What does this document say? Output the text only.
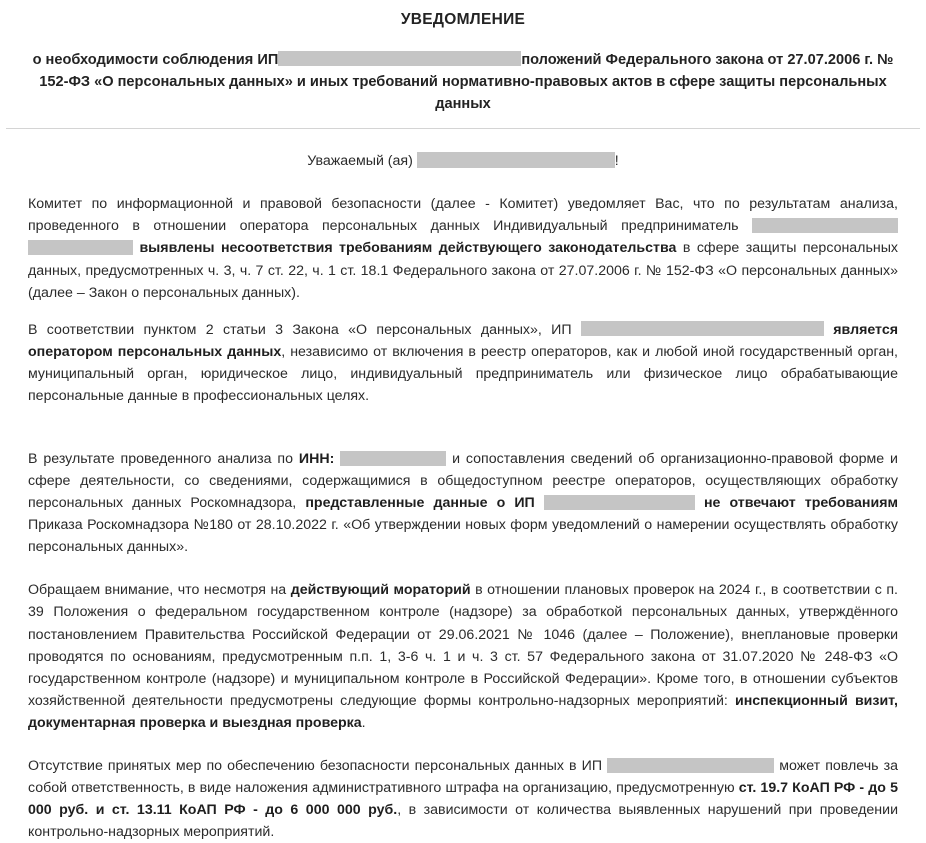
УВЕДОМЛЕНИЕ
о необходимости соблюдения ИП	положений Федерального закона от 27.07.2006 г. № 152-ФЗ «О персональных данных» и иных требований нормативно-правовых актов в сфере защиты персональных данных
Уважаемый (ая)	!

Комитет по информационной и правовой безопасности (далее - Комитет) уведомляет Вас, что по результатам анализа, проведенного в отношении оператора персональных данных Индивидуальный предприниматель   выявлены несоответствия требованиям действующего законодательства в сфере защиты персональных данных, предусмотренных ч. 3, ч. 7 ст. 22, ч. 1 ст. 18.1 Федерального закона от 27.07.2006 г. № 152-ФЗ «О персональных данных» (далее – Закон о персональных данных).

В соответствии пунктом 2 статьи 3 Закона «О персональных данных», ИП	является оператором персональных данных, независимо от включения в реестр операторов, как и любой иной государственный орган, муниципальный орган, юридическое лицо, индивидуальный предприниматель или физическое лицо обрабатывающие персональные данные в профессиональных целях.

В результате проведенного анализа по ИНН:	и сопоставления сведений об организационно-правовой форме и сфере деятельности, со сведениями, содержащимися в общедоступном реестре операторов, осуществляющих обработку персональных данных Роскомнадзора, представленные данные о ИП	не отвечают требованиям Приказа Роскомнадзора №180 от 28.10.2022 г. «Об утверждении новых форм уведомлений о намерении осуществлять обработку персональных данных».

Обращаем внимание, что несмотря на действующий мораторий в отношении плановых проверок на 2024 г., в соответствии с п. 39 Положения о федеральном государственном контроле (надзоре) за обработкой персональных данных, утверждённого постановлением Правительства Российской Федерации от 29.06.2021 № 1046 (далее – Положение), внеплановые проверки проводятся по основаниям, предусмотренным п.п. 1, 3-6 ч. 1 и ч. 3 ст. 57 Федерального закона от 31.07.2020 № 248-ФЗ «О государственном контроле (надзоре) и муниципальном контроле в Российской Федерации». Кроме того, в отношении субъектов хозяйственной деятельности предусмотрены следующие формы контрольно-надзорных мероприятий: инспекционный визит, документарная проверка и выездная проверка.

Отсутствие принятых мер по обеспечению безопасности персональных данных в ИП	может повлечь за собой ответственность, в виде наложения административного штрафа на организацию, предусмотренную ст. 19.7 КоАП РФ - до 5 000 руб. и ст. 13.11 КоАП РФ - до 6 000 000 руб., в зависимости от количества выявленных нарушений при проведении контрольно-надзорных мероприятий.
